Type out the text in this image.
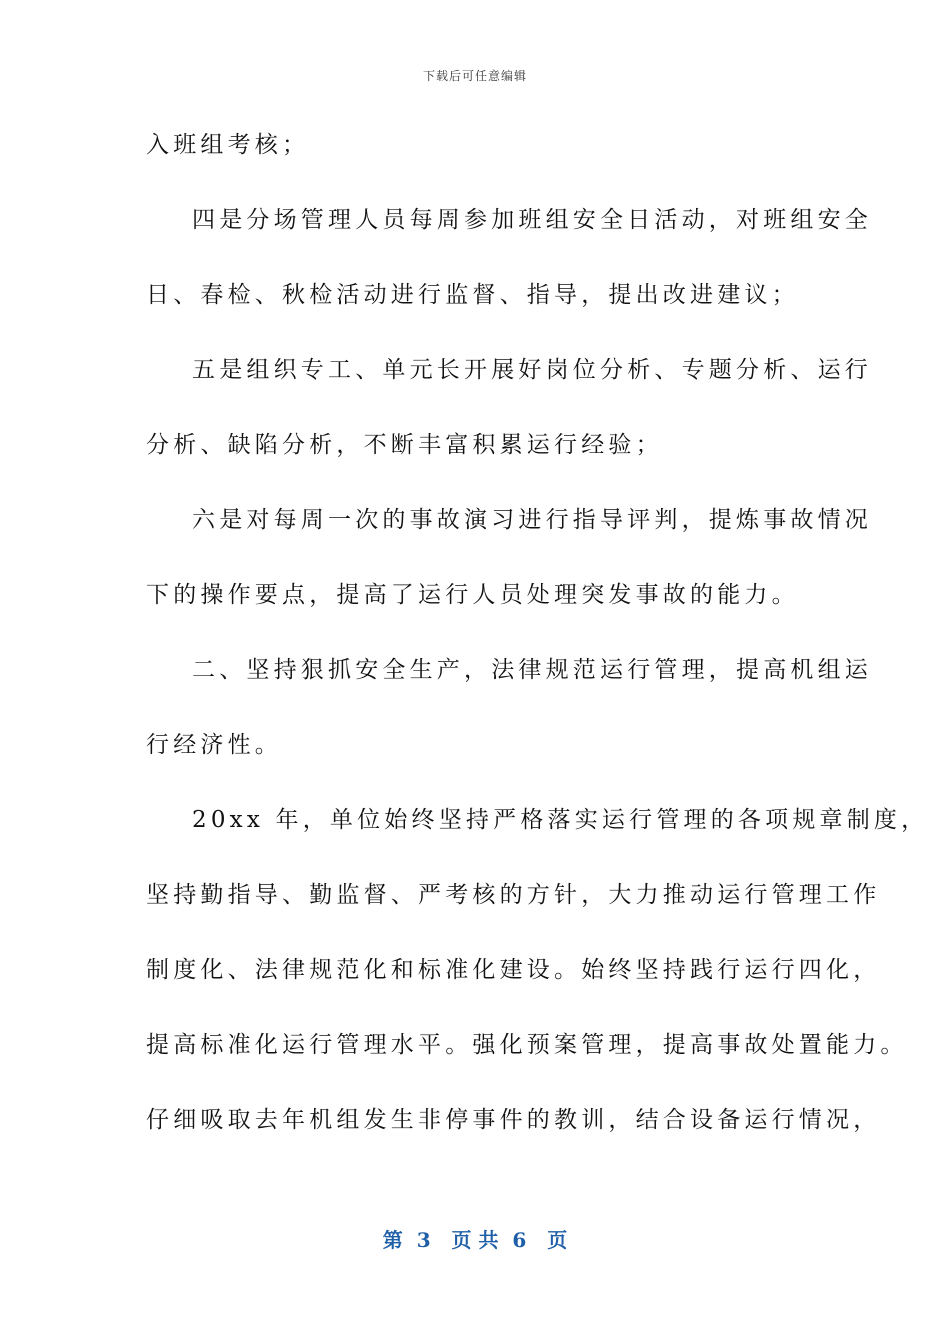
下载后可任意编辑
入班组考核；
四是分场管理人员每周参加班组安全日活动，对班组安全
日、春检、秋检活动进行监督、指导，提出改进建议；
五是组织专工、单元长开展好岗位分析、专题分析、运行
分析、缺陷分析，不断丰富积累运行经验；
六是对每周一次的事故演习进行指导评判，提炼事故情况
下的操作要点，提高了运行人员处理突发事故的能力。
二、坚持狠抓安全生产，法律规范运行管理，提高机组运
行经济性。
20xx 年，单位始终坚持严格落实运行管理的各项规章制度，
坚持勤指导、勤监督、严考核的方针，大力推动运行管理工作
制度化、法律规范化和标准化建设。始终坚持践行运行四化，
提高标准化运行管理水平。强化预案管理，提高事故处置能力。
仔细吸取去年机组发生非停事件的教训，结合设备运行情况，
第  3   页 共  6   页
